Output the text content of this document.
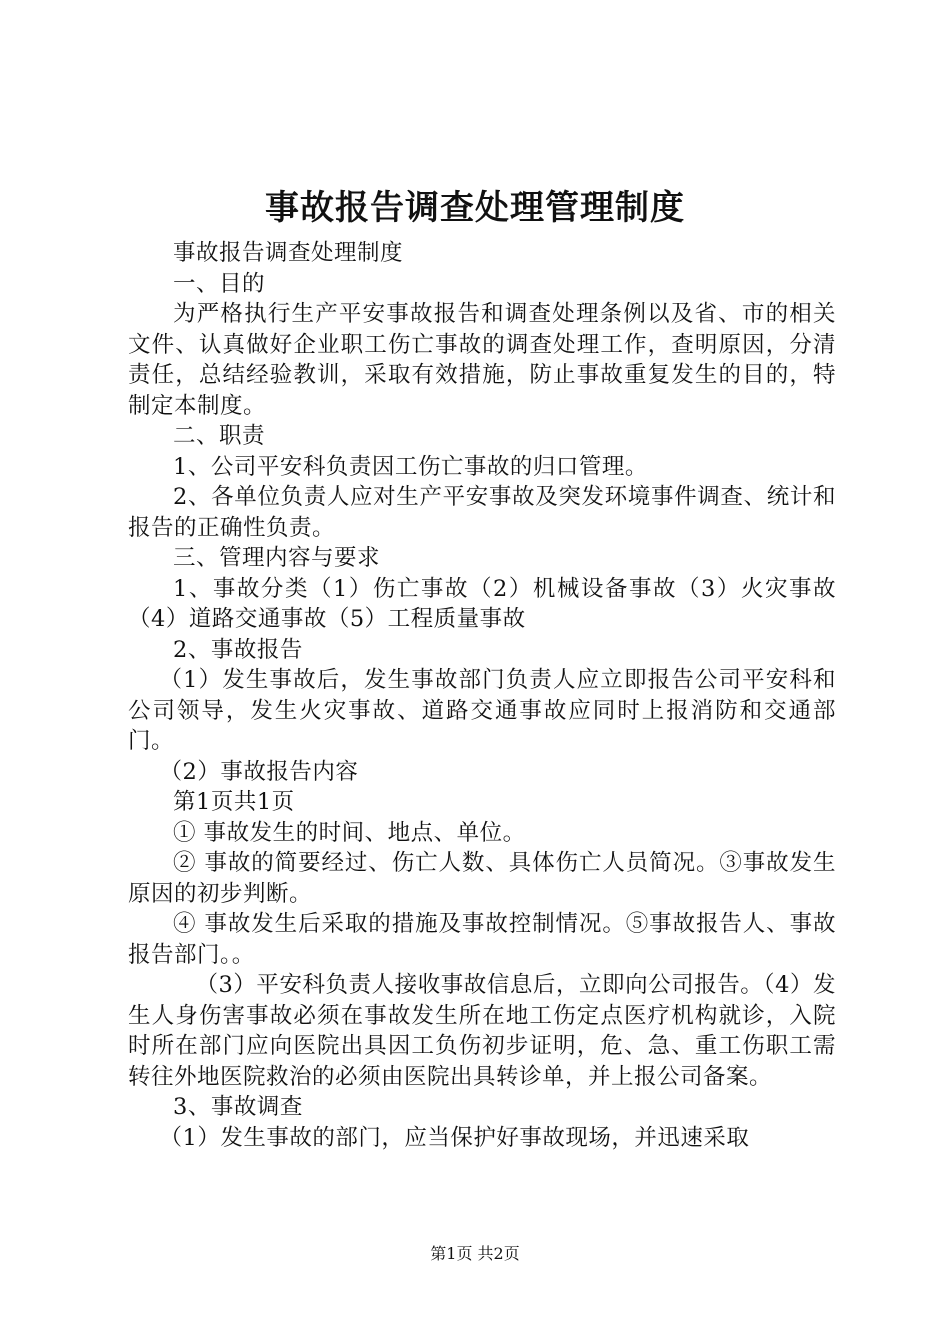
事故报告调查处理管理制度

事故报告调查处理制度

一、目的

为严格执行生产平安事故报告和调查处理条例以及省、市的相关文件、认真做好企业职工伤亡事故的调查处理工作，查明原因，分清责任，总结经验教训，采取有效措施，防止事故重复发生的目的，特制定本制度。

二、职责

1、公司平安科负责因工伤亡事故的归口管理。

2、各单位负责人应对生产平安事故及突发环境事件调查、统计和报告的正确性负责。

三、管理内容与要求

1、事故分类（1）伤亡事故（2）机械设备事故（3）火灾事故（4）道路交通事故（5）工程质量事故

2、事故报告

（1）发生事故后，发生事故部门负责人应立即报告公司平安科和公司领导，发生火灾事故、道路交通事故应同时上报消防和交通部门。

（2）事故报告内容

第1页共1页

① 事故发生的时间、地点、单位。

② 事故的简要经过、伤亡人数、具体伤亡人员简况。③事故发生原因的初步判断。

④ 事故发生后采取的措施及事故控制情况。⑤事故报告人、事故报告部门。。

（3）平安科负责人接收事故信息后，立即向公司报告。（4）发生人身伤害事故必须在事故发生所在地工伤定点医疗机构就诊，入院时所在部门应向医院出具因工负伤初步证明，危、急、重工伤职工需转往外地医院救治的必须由医院出具转诊单，并上报公司备案。

3、事故调查

（1）发生事故的部门，应当保护好事故现场，并迅速采取

第1页 共2页
